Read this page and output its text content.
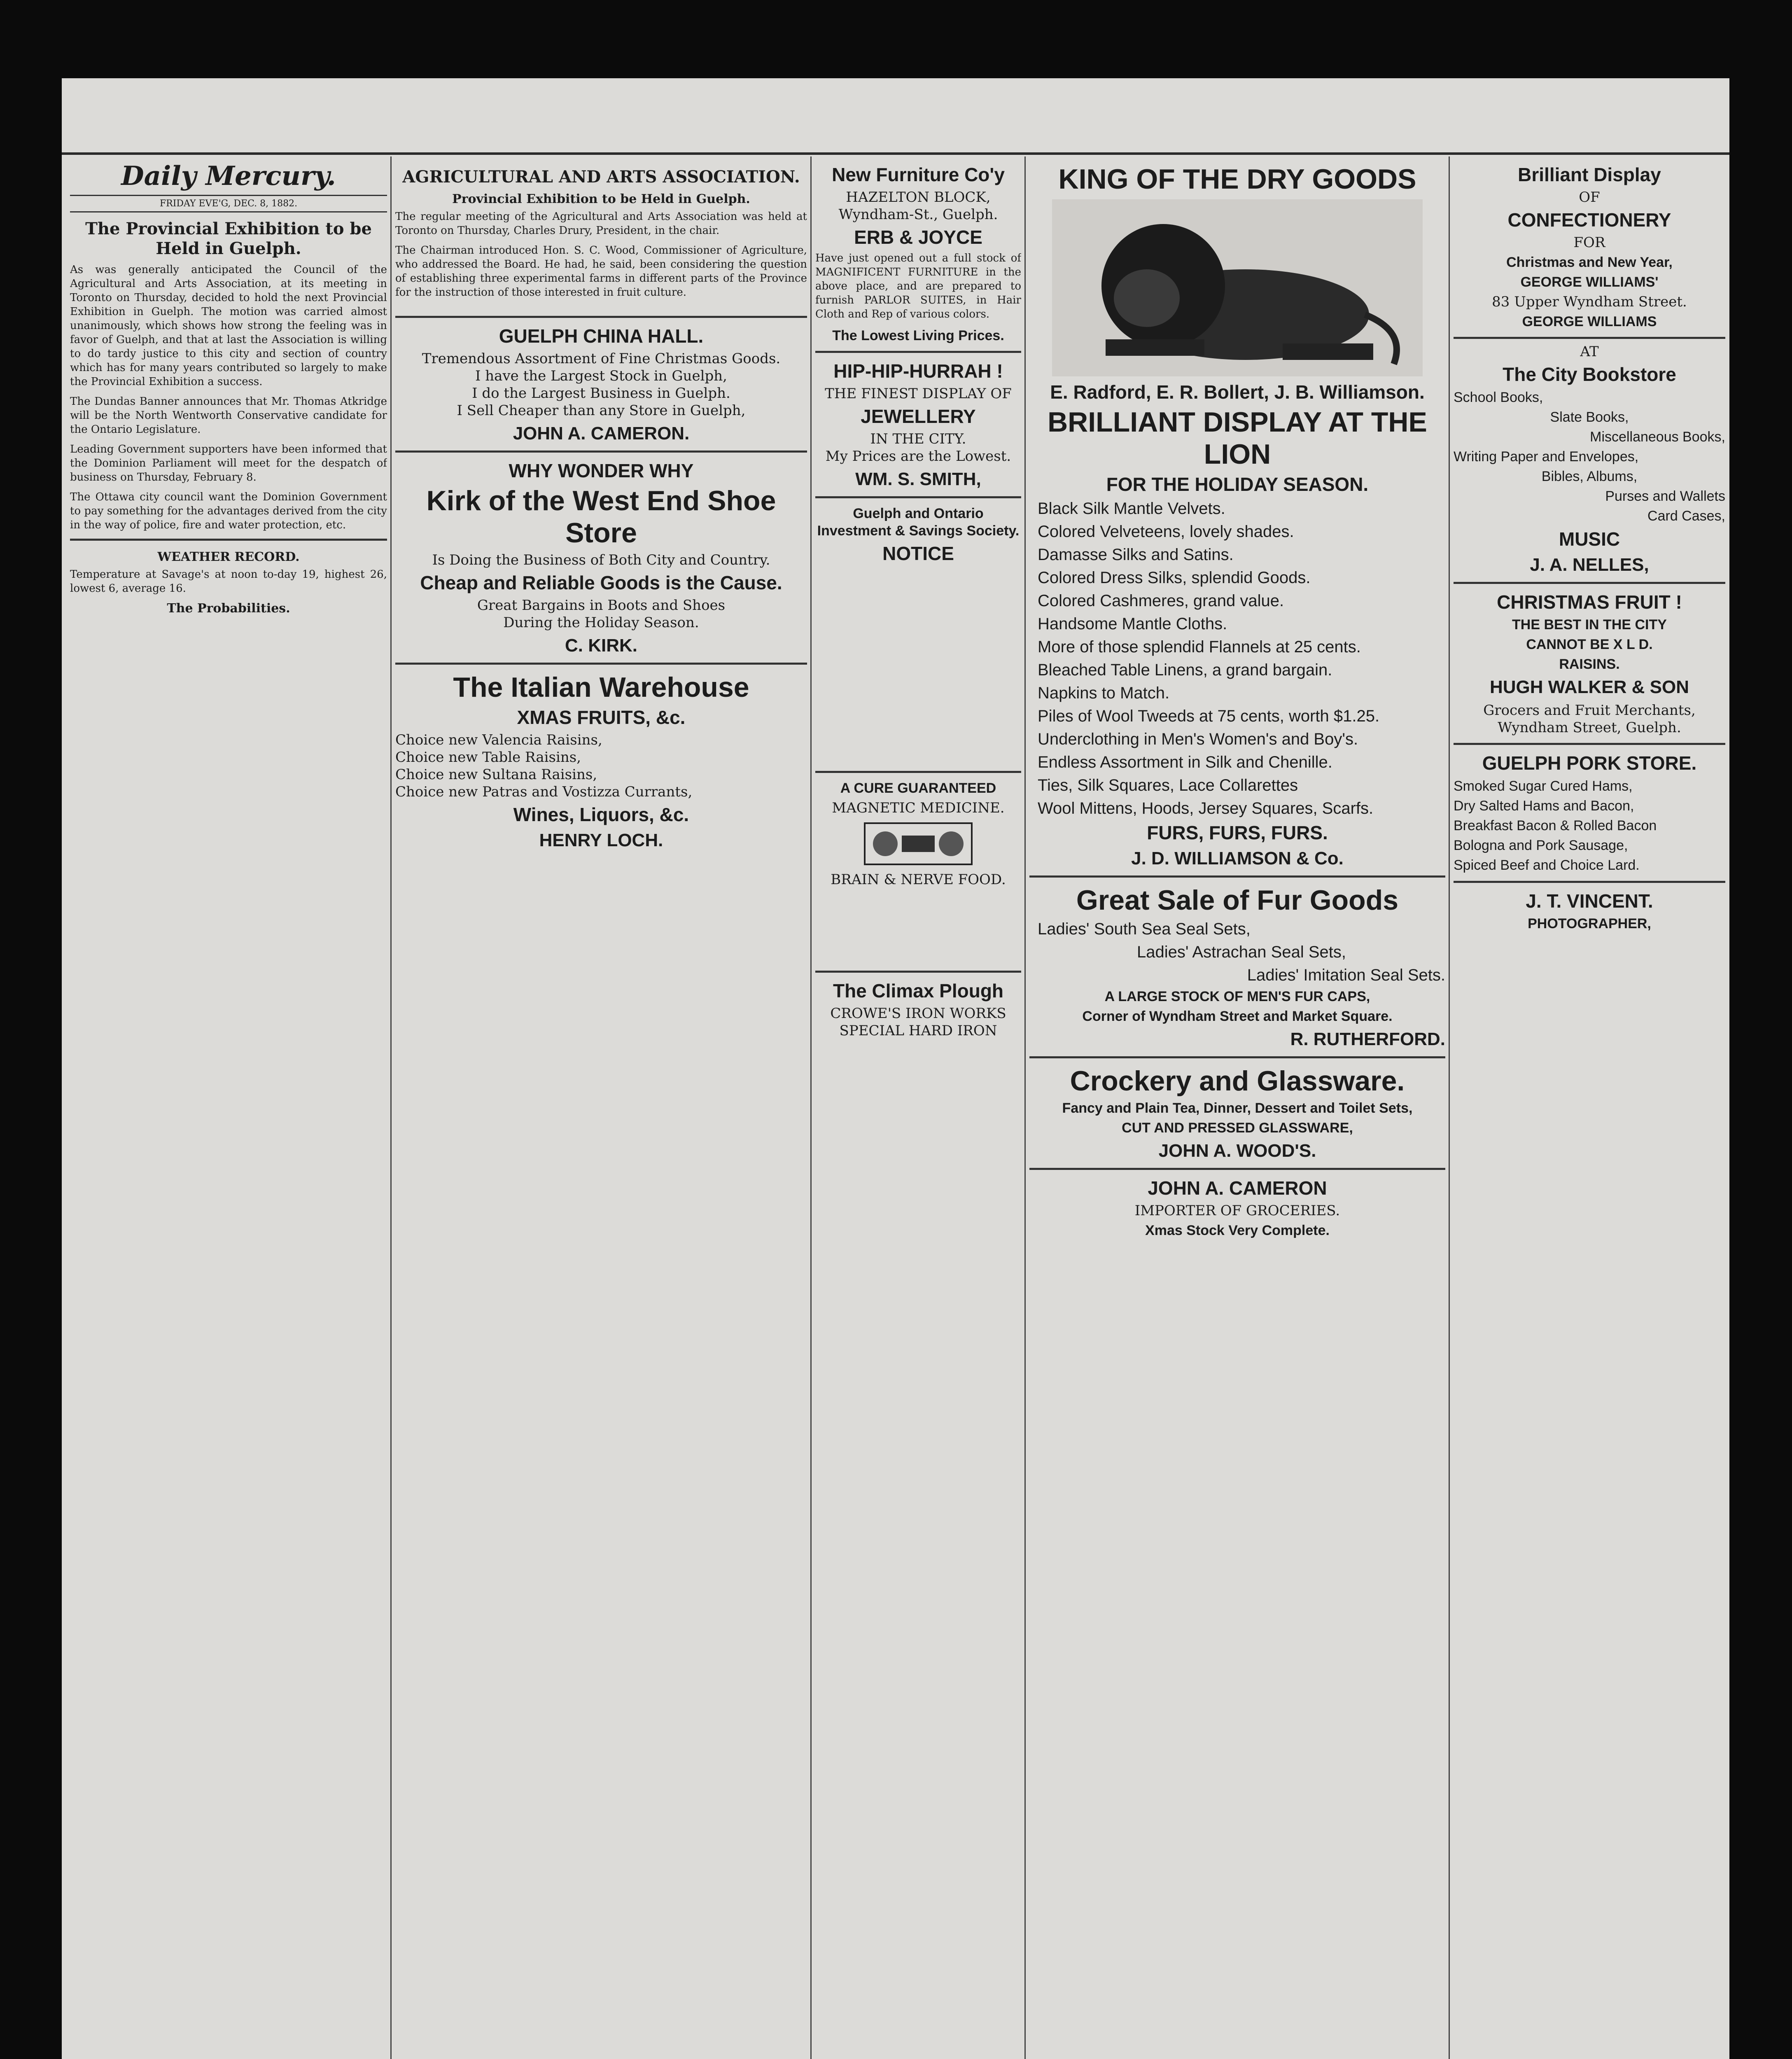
Daily Mercury.
FRIDAY EVE'G, DEC. 8, 1882.
The Provincial Exhibition to be Held in Guelph.

As was generally anticipated the Council of the Agricultural and Arts Association, at its meeting in Toronto on Thursday, decided to hold the next Provincial Exhibition in Guelph. The motion was carried almost unanimously, which shows how strong the feeling was in favor of Guelph, and that at last the Association is willing to do tardy justice to this city and section of country which has for many years contributed so largely to make the Provincial Exhibition a success.

The Dundas Banner announces that Mr. Thomas Atkridge will be the North Wentworth Conservative candidate for the Ontario Legislature.

Leading Government supporters have been informed that the Dominion Parliament will meet for the despatch of business on Thursday, February 8.

The Ottawa city council want the Dominion Government to pay something for the advantages derived from the city in the way of police, fire and water protection, etc.

WEATHER RECORD.

Temperature at Savage's at noon to-day 19, highest 26, lowest 6, average 16.

The Probabilities.
AGRICULTURAL AND ARTS ASSOCIATION.
Provincial Exhibition to be Held in Guelph.

The regular meeting of the Agricultural and Arts Association was held at Toronto on Thursday, Charles Drury, President, in the chair.

The Chairman introduced Hon. S. C. Wood, Commissioner of Agriculture, who addressed the Board. He had, he said, been considering the question of establishing three experimental farms in different parts of the Province for the instruction of those interested in fruit culture.

GUELPH CHINA HALL.
Tremendous Assortment of Fine Christmas Goods.
I have the Largest Stock in Guelph,
I do the Largest Business in Guelph.
I Sell Cheaper than any Store in Guelph,
JOHN A. CAMERON.
WHY WONDER WHY
Kirk of the West End Shoe Store
Is Doing the Business of Both City and Country.
Cheap and Reliable Goods is the Cause.
Great Bargains in Boots and Shoes
During the Holiday Season.
C. KIRK.
The Italian Warehouse
XMAS FRUITS, &c.
Choice new Valencia Raisins,
Choice new Table Raisins,
Choice new Sultana Raisins,
Choice new Patras and Vostizza Currants,
Wines, Liquors, &c.
HENRY LOCH.
New Furniture Co'y
HAZELTON BLOCK,
Wyndham-St., Guelph.
ERB & JOYCE

Have just opened out a full stock of MAGNIFICENT FURNITURE in the above place, and are prepared to furnish PARLOR SUITES, in Hair Cloth and Rep of various colors.

The Lowest Living Prices.
HIP-HIP-HURRAH !
THE FINEST DISPLAY OF
JEWELLERY
IN THE CITY.
My Prices are the Lowest.
WM. S. SMITH,
Guelph and Ontario Investment & Savings Society.
NOTICE
A CURE GUARANTEED
MAGNETIC MEDICINE.
BRAIN & NERVE FOOD.
The Climax Plough
CROWE'S IRON WORKS
SPECIAL HARD IRON
KING OF THE DRY GOODS
E. Radford, E. R. Bollert, J. B. Williamson.
BRILLIANT DISPLAY AT THE LION
FOR THE HOLIDAY SEASON.
Black Silk Mantle Velvets.
Colored Velveteens, lovely shades.
Damasse Silks and Satins.
Colored Dress Silks, splendid Goods.
Colored Cashmeres, grand value.
Handsome Mantle Cloths.
More of those splendid Flannels at 25 cents.
Bleached Table Linens, a grand bargain.
Napkins to Match.
Piles of Wool Tweeds at 75 cents, worth $1.25.
Underclothing in Men's Women's and Boy's.
Endless Assortment in Silk and Chenille.
Ties, Silk Squares, Lace Collarettes
Wool Mittens, Hoods, Jersey Squares, Scarfs.
FURS, FURS, FURS.
J. D. WILLIAMSON & Co.
Great Sale of Fur Goods
Ladies' South Sea Seal Sets,
Ladies' Astrachan Seal Sets,
Ladies' Imitation Seal Sets.
A LARGE STOCK OF MEN'S FUR CAPS,
Corner of Wyndham Street and Market Square.
R. RUTHERFORD.
Crockery and Glassware.
Fancy and Plain Tea, Dinner, Dessert and Toilet Sets,
CUT AND PRESSED GLASSWARE,
JOHN A. WOOD'S.
JOHN A. CAMERON
IMPORTER OF GROCERIES.
Xmas Stock Very Complete.
Brilliant Display
OF
CONFECTIONERY
FOR
Christmas and New Year,
GEORGE WILLIAMS'
83 Upper Wyndham Street.
GEORGE WILLIAMS
AT
The City Bookstore
School Books,
Slate Books,
Miscellaneous Books,
Writing Paper and Envelopes,
Bibles, Albums,
Purses and Wallets
Card Cases,
MUSIC
J. A. NELLES,
CHRISTMAS FRUIT !
THE BEST IN THE CITY
CANNOT BE X L D.
RAISINS.
HUGH WALKER & SON
Grocers and Fruit Merchants, Wyndham Street, Guelph.
GUELPH PORK STORE.
Smoked Sugar Cured Hams,
Dry Salted Hams and Bacon,
Breakfast Bacon & Rolled Bacon
Bologna and Pork Sausage,
Spiced Beef and Choice Lard.
J. T. VINCENT.
PHOTOGRAPHER,
